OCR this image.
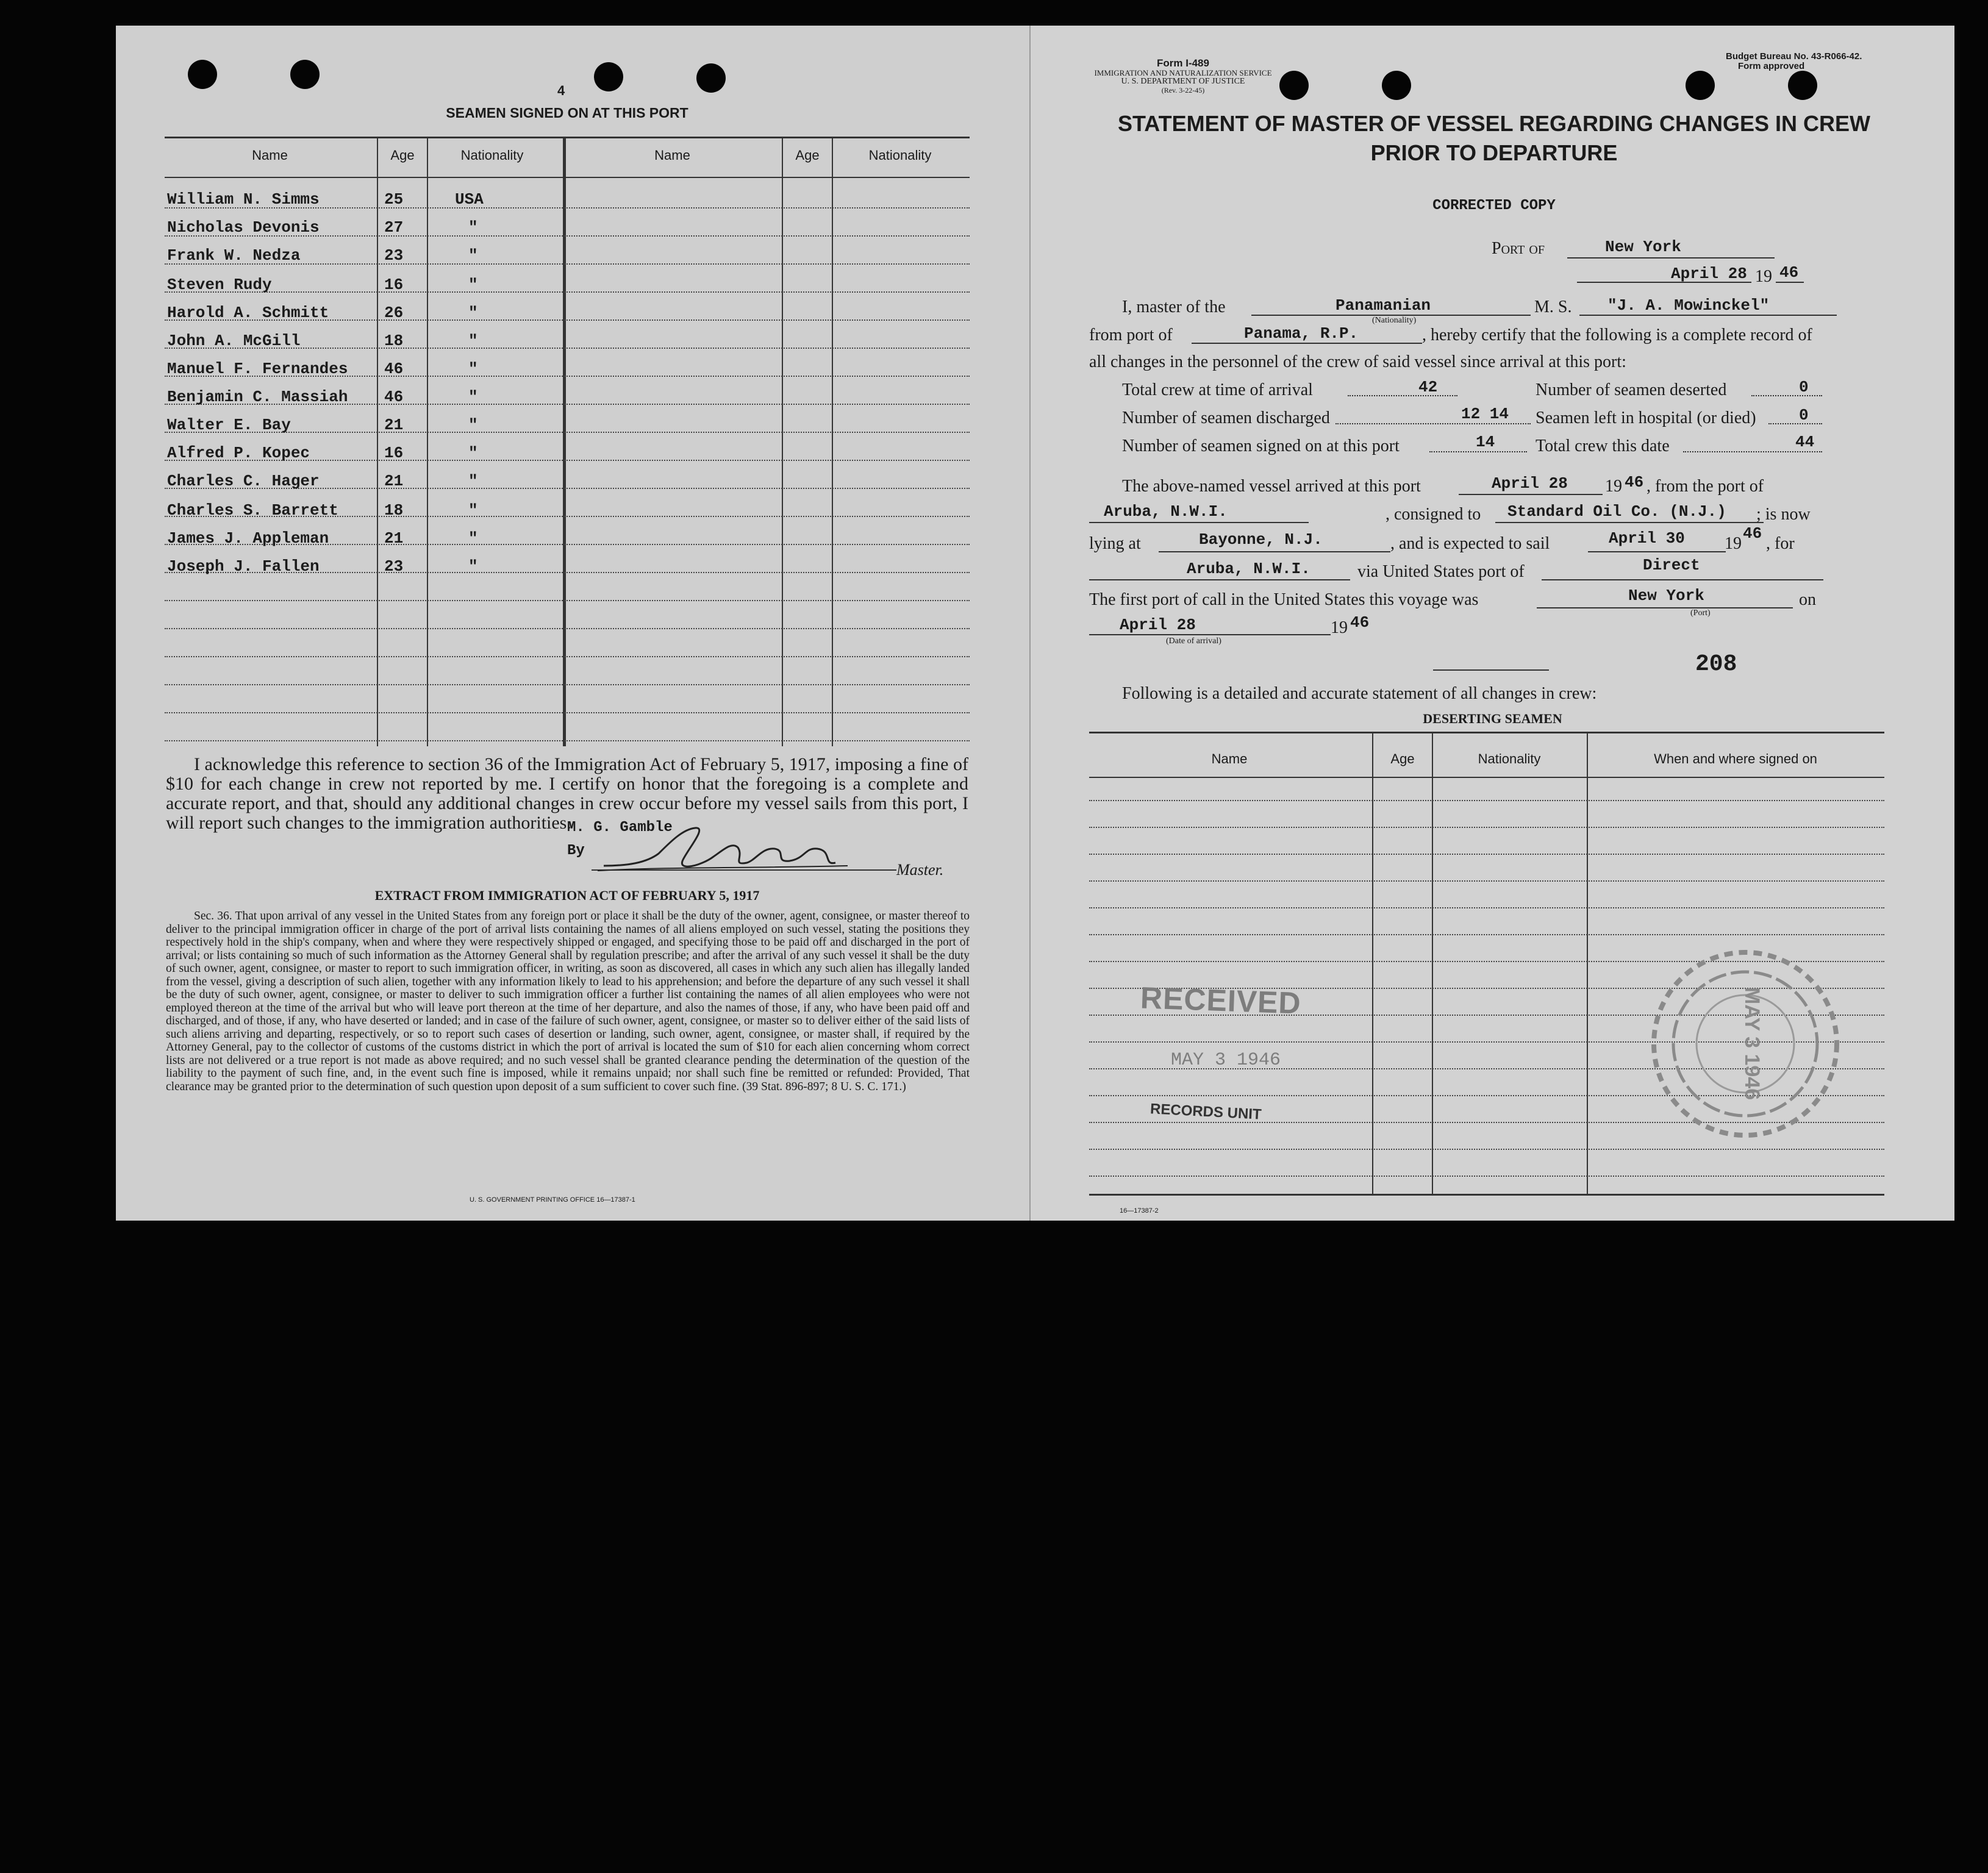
4
SEAMEN SIGNED ON AT THIS PORT
Name	Age	Nationality	Name	Age	Nationality
William N. Simms	25	USA
Nicholas Devonis	27	"
Frank W. Nedza	23	"
Steven Rudy	16	"
Harold A. Schmitt	26	"
John A. McGill	18	"
Manuel F. Fernandes 46	"
Benjamin C. Massiah 46	"
Walter E. Bay	21	"
Alfred P. Kopec	16	"
Charles C. Hager	21	"
Charles S. Barrett	18	"
James J. Appleman	21	"
Joseph J. Fallen	23	"
I acknowledge this reference to section 36 of the Immigration Act of February 5, 1917, imposing a fine of $10 for each change in crew not reported by me. I certify on honor that the foregoing is a complete and accurate report, and that, should any additional changes in crew occur before my vessel sails from this port, I will report such changes to the immigration authorities.
M. G. Gamble
By
Master.
EXTRACT FROM IMMIGRATION ACT OF FEBRUARY 5, 1917
Sec. 36. That upon arrival of any vessel in the United States from any foreign port or place it shall be the duty of the owner, agent, consignee, or master thereof to deliver to the principal immigration officer in charge of the port of arrival lists containing the names of all aliens employed on such vessel, stating the positions they respectively hold in the ship's company, when and where they were respectively shipped or engaged, and specifying those to be paid off and discharged in the port of arrival; or lists containing so much of such information as the Attorney General shall by regulation prescribe; and after the arrival of any such vessel it shall be the duty of such owner, agent, consignee, or master to report to such immigration officer, in writing, as soon as discovered, all cases in which any such alien has illegally landed from the vessel, giving a description of such alien, together with any information likely to lead to his apprehension; and before the departure of any such vessel it shall be the duty of such owner, agent, consignee, or master to deliver to such immigration officer a further list containing the names of all alien employees who were not employed thereon at the time of the arrival but who will leave port thereon at the time of her departure, and also the names of those, if any, who have been paid off and discharged, and of those, if any, who have deserted or landed; and in case of the failure of such owner, agent, consignee, or master so to deliver either of the said lists of such aliens arriving and departing, respectively, or so to report such cases of desertion or landing, such owner, agent, consignee, or master shall, if required by the Attorney General, pay to the collector of customs of the customs district in which the port of arrival is located the sum of $10 for each alien concerning whom correct lists are not delivered or a true report is not made as above required; and no such vessel shall be granted clearance pending the determination of the question of the liability to the payment of such fine, and, in the event such fine is imposed, while it remains unpaid; nor shall such fine be remitted or refunded: Provided, That clearance may be granted prior to the determination of such question upon deposit of a sum sufficient to cover such fine. (39 Stat. 896-897; 8 U. S. C. 171.)
U. S. GOVERNMENT PRINTING OFFICE 16—17387-1
Form I-489
IMMIGRATION AND NATURALIZATION SERVICE
U. S. DEPARTMENT OF JUSTICE
(Rev. 3-22-45)
Budget Bureau No. 43-R066-42.
Form approved
STATEMENT OF MASTER OF VESSEL REGARDING CHANGES IN CREW
PRIOR TO DEPARTURE
CORRECTED COPY
Port of	New York
April 28 19 46
I, master of the	Panamanian
(Nationality)
M. S. "J. A. Mowinckel"
from port of	Panama, R.P.	, hereby certify that the following is a complete record of
all changes in the personnel of the crew of said vessel since arrival at this port:
Total crew at time of arrival	42	Number of seamen deserted	0
Number of seamen discharged	12 14 Seamen left in hospital (or died)	0
Number of seamen signed on at this port	14 Total crew this date	44
The above-named vessel arrived at this port	April 28 19 46 , from the port of
Aruba, N.W.I.	, consigned to Standard Oil Co. (N.J.) ; is now
lying at	Bayonne, N.J.	, and is expected to sail	April 30 19
46
, for
Aruba, N.W.I.	via United States port of	Direct
The first port of call in the United States this voyage was	New York
(Port)
on
April 28
(Date of arrival)
19 46
208
Following is a detailed and accurate statement of all changes in crew:
DESERTING SEAMEN
Name	Age	Nationality	When and where signed on
RECEIVED
MAY 3 1946
RECORDS UNIT
MAY 3 1946
16—17387-2
